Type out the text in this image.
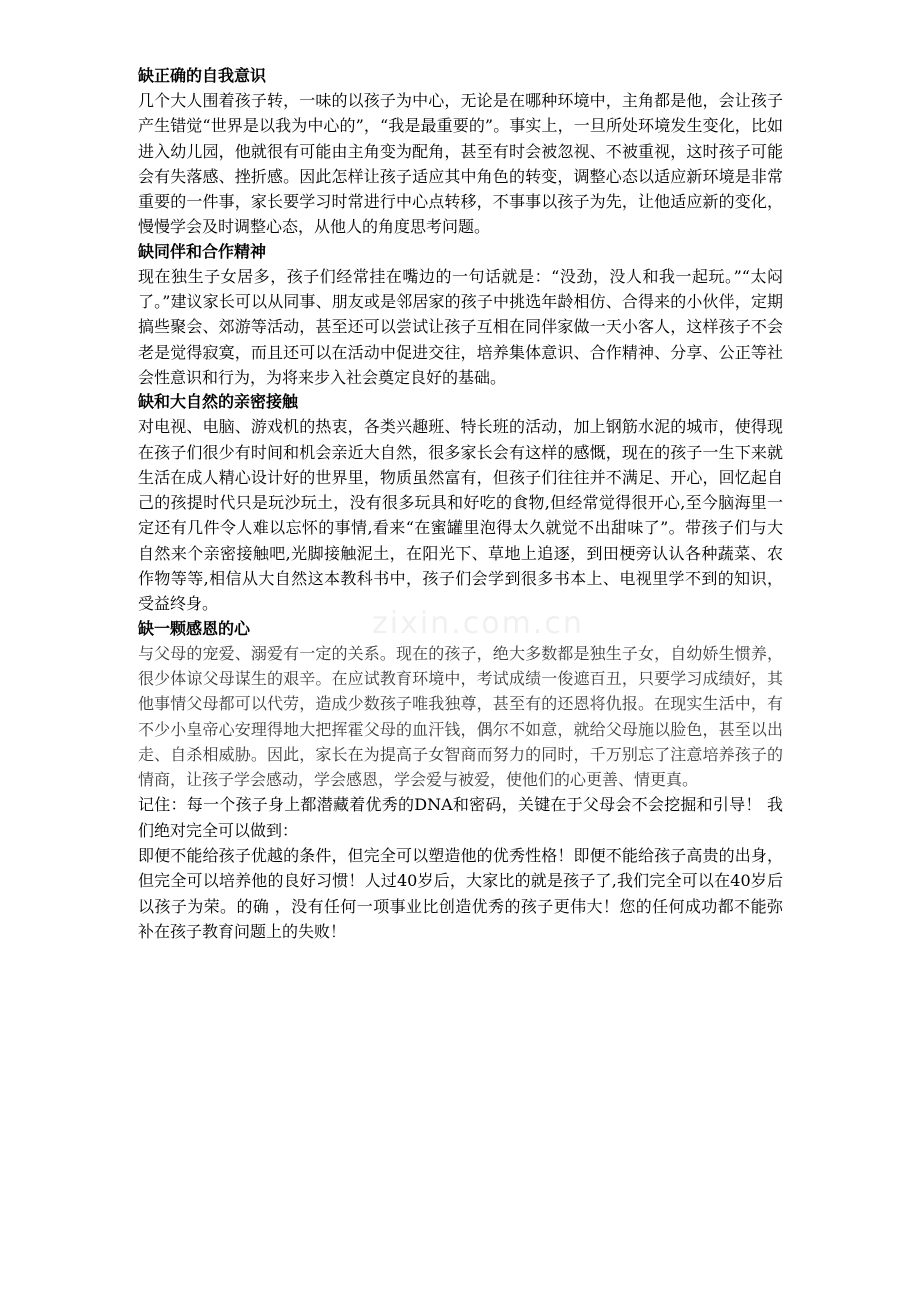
缺正确的自我意识

几个大人围着孩子转，一味的以孩子为中心，无论是在哪种环境中，主角都是他，会让孩子产生错觉“世界是以我为中心的”，“我是最重要的”。事实上，一旦所处环境发生变化，比如进入幼儿园，他就很有可能由主角变为配角，甚至有时会被忽视、不被重视，这时孩子可能会有失落感、挫折感。因此怎样让孩子适应其中角色的转变，调整心态以适应新环境是非常重要的一件事，家长要学习时常进行中心点转移，不事事以孩子为先，让他适应新的变化，慢慢学会及时调整心态，从他人的角度思考问题。

缺同伴和合作精神

现在独生子女居多，孩子们经常挂在嘴边的一句话就是：“没劲，没人和我一起玩。”“太闷了。”建议家长可以从同事、朋友或是邻居家的孩子中挑选年龄相仿、合得来的小伙伴，定期搞些聚会、郊游等活动，甚至还可以尝试让孩子互相在同伴家做一天小客人，这样孩子不会老是觉得寂寞，而且还可以在活动中促进交往，培养集体意识、合作精神、分享、公正等社会性意识和行为，为将来步入社会奠定良好的基础。

缺和大自然的亲密接触

对电视、电脑、游戏机的热衷，各类兴趣班、特长班的活动，加上钢筋水泥的城市，使得现在孩子们很少有时间和机会亲近大自然，很多家长会有这样的感慨，现在的孩子一生下来就生活在成人精心设计好的世界里，物质虽然富有，但孩子们往往并不满足、开心，回忆起自己的孩提时代只是玩沙玩土，没有很多玩具和好吃的食物,但经常觉得很开心,至今脑海里一定还有几件令人难以忘怀的事情,看来“在蜜罐里泡得太久就觉不出甜味了”。带孩子们与大自然来个亲密接触吧,光脚接触泥土，在阳光下、草地上追逐，到田梗旁认认各种蔬菜、农作物等等,相信从大自然这本教科书中，孩子们会学到很多书本上、电视里学不到的知识，受益终身。

缺一颗感恩的心

与父母的宠爱、溺爱有一定的关系。现在的孩子，绝大多数都是独生子女，自幼娇生惯养，很少体谅父母谋生的艰辛。在应试教育环境中，考试成绩一俊遮百丑，只要学习成绩好，其他事情父母都可以代劳，造成少数孩子唯我独尊，甚至有的还恩将仇报。在现实生活中，有不少小皇帝心安理得地大把挥霍父母的血汗钱，偶尔不如意，就给父母施以脸色，甚至以出走、自杀相威胁。因此，家长在为提高子女智商而努力的同时，千万别忘了注意培养孩子的情商，让孩子学会感动，学会感恩，学会爱与被爱，使他们的心更善、情更真。

记住：每一个孩子身上都潜藏着优秀的DNA和密码，关键在于父母会不会挖掘和引导！ 我们绝对完全可以做到：

即便不能给孩子优越的条件，但完全可以塑造他的优秀性格！即便不能给孩子高贵的出身，但完全可以培养他的良好习惯！人过40岁后，大家比的就是孩子了,我们完全可以在40岁后以孩子为荣。的确 ，没有任何一项事业比创造优秀的孩子更伟大！您的任何成功都不能弥补在孩子教育问题上的失败！

zixin.com.cn
